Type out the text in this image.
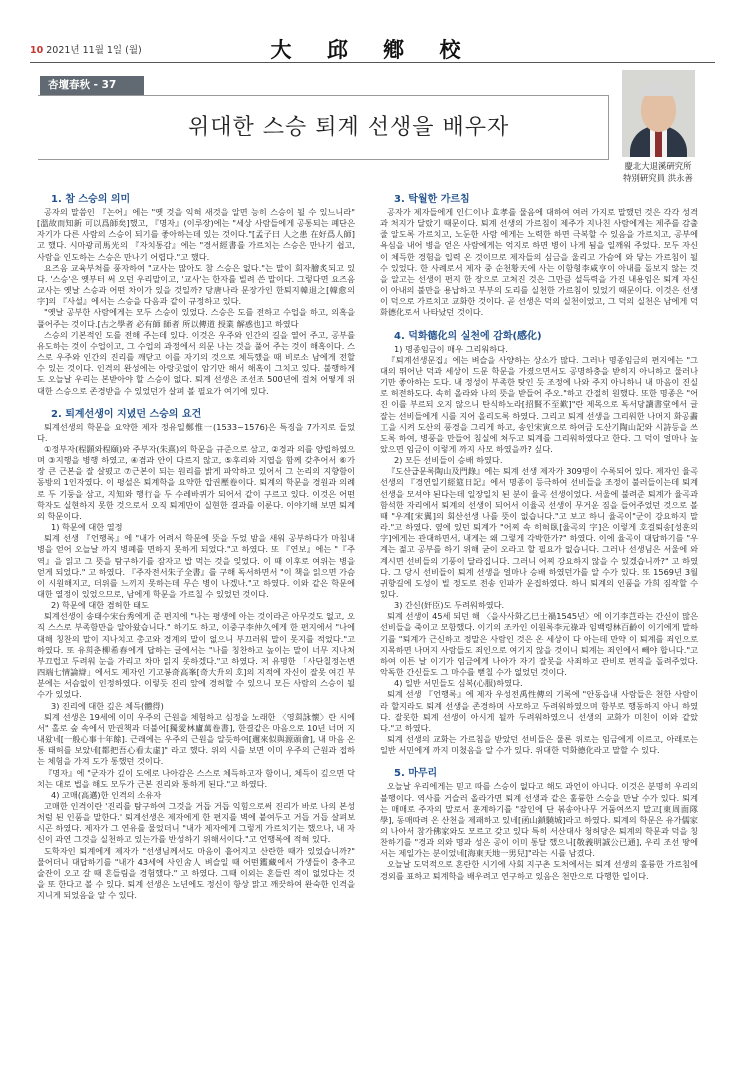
10 2021년 11월 1일 (월)	大 邱 鄕 校
杏壇春秋 - 37
위대한 스승 퇴계 선생을 배우자
慶北大退溪硏究所
特別硏究員 洪永善
1. 참 스승의 의미

공자의 말씀인 『논어』에는 "옛 것을 익혀 새것을 알면 능히 스승이 될 수 있느니라"[溫故而知新 可以爲師矣]했고, 『명자』(이루장)에는 "세상 사람들에게 공통되는 폐단은 자기가 다른 사람의 스승이 되기를 좋아하는데 있는 것이다."[孟子曰 人之患 在好爲人師]고 했다. 시마광司馬光의 『자치통감』에는 "경서經書를 가르치는 스승은 만나기 쉽고, 사람을 인도하는 스승은 만나기 어렵다."고 했다.

요즈음 교육부처를 풍자하여 "교사는 많아도 참 스승은 없다."는 말이 회자膾炙되고 있다. '스승'은 옛부터 써 오던 우리말이고, '교사'는 한자를 빌려 쓴 말이다. 그렇다면 요즈음 교사는 옛날 스승과 어떤 차이가 있을 것일까? 당唐나라 문장가인 한퇴지韓退之[韓愈의 字]의 『사설』에서는 스승을 다음과 같이 규정하고 있다.

"옛날 공부한 사람에게는 모두 스승이 있었다. 스승은 도를 전하고 수업을 하고, 의혹을 풀어주는 것이다.[古之學者 必有師 師者 所以傳道 授業 解惑也]고 하였다

스승의 기본적인 도를 전해 주는데 있다. 이것은 우주와 인간의 길을 열어 주고, 공부를 유도하는 것이 수업이고, 그 수업의 과정에서 의문 나는 것을 풀어 주는 것이 해혹이다. 스스로 우주와 인간의 진리를 깨닫고 이를 자기의 것으로 체득했을 때 비로소 남에게 전할 수 있는 것이다. 인격의 완성에는 아랑곳없이 암기만 해서 해혹이 그치고 있다. 불행하게도 오늘날 우리는 본받아야 할 스승이 없다. 퇴계 선생은 조선조 500년에 걸쳐 어떻게 위대한 스승으로 존경받을 수 있었던가 살펴 볼 필요가 여기에 있다.

2. 퇴계선생이 지녔던 스승의 요건

퇴계선생의 학문을 요약한 제자 정유일鄭惟一(1533~1576)은 특징을 7가지로 들었다.

①정부자(程顥와程頤)와 주부자(朱熹)의 학문을 규준으로 삼고, ②경과 의를 양립하였으며 ③지행을 병행 하였고, ④겸과 안이 다르지 않고, ⑤후리와 지엽을 함께 갖추어서 ⑥가장 큰 근본을 잘 살폈고 ⑦근본이 되는 원리를 밝게 파악하고 있어서 그 논리의 지향함이 동방의 1인자였다. 이 평설은 퇴계학을 요약한 압권壓卷이다. 퇴계의 학문을 경원과 의례로 두 기둥을 삼고, 지知와 행行을 두 수레바퀴가 되어서 같이 구르고 있다. 이것은 어떤 학자도 실현하지 못한 것으로서 오직 퇴계만이 실현한 결과를 이룬다. 이야기해 보면 퇴계의 학문이다.

1) 학문에 대한 열정

퇴계 선생 『언행록』에 "내가 어려서 학문에 뜻을 두었 밤을 새워 공부하다가 마침내 병을 얻어 오늘날 까지 병폐를 면하지 못하게 되었다."고 하였다. 또 『연보』에는 "『주역』을 읽고 그 뜻을 탐구하기를 잠자고 밥 먹는 것을 잊었다. 이 때 이후로 여위는 병을 얻게 되었다." 고 하였다. 『주자전서朱子全書』를 구해 독서하면서 "이 책을 읽으면 가슴이 시원해지고, 더위를 느끼지 못하는데 무슨 병이 나겠나."고 하였다. 이와 같은 학문에 대한 열정이 있었으므로, 남에게 학문을 가르칠 수 있었던 것이다.

2) 학문에 대한 겸허한 태도

퇴계선생이 송태수宋台秀에게 준 편지에 "나는 평생에 아는 것이라곤 아무것도 없고, 오직 스스로 부족함만을 알아왔습니다." 하기도 하고, 이중구李仲久에게 한 편지에서 "나에 대해 칭찬의 말이 지나치고 총고와 경계의 말이 없으니 부끄러워 말이 못지를 적었다."고 하였다. 또 유희춘柳希春에게 답하는 글에서는 "나를 칭찬하고 높이는 말이 너무 지나쳐 부끄럽고 두려워 눈을 가리고 차마 읽지 못하겠다."고 하였다. 저 유명한 「사단칠정논변四端七情論辯」에서도 제자인 기고봉奇高峯[奇大升의 호]의 지적에 자신이 잘못 여긴 부분에는 서슴없이 인정하였다. 이렇듯 진리 앞에 경허할 수 있으니 모든 사람의 스승이 될 수가 있었다.

3) 진리에 대한 깊은 체득(體得)

퇴계 선생은 19세에 이미 우주의 근원을 체험하고 심정을 노래한 〈영회詠懷〉란 시에서" 홀로 숲 속에서 만권책과 더불어[獨愛林廬萬卷書], 한결같은 마음으로 10년 너머 지내왔네[一般心事十年餘]. 근래에는 우주의 근원을 알듯하여[邇來似與源頭會], 내 마음 온통 태허를 보았네[都把吾心看太虛]" 라고 했다. 위의 시를 보면 이미 우주의 근원과 접하는 체험을 가져 도가 통했던 것이다.

『명자』에 "군자가 깊이 도에로 나아감은 스스로 체득하고자 함이니, 체득이 깊으면 닥치는 대로 법을 해도 모두가 근본 진리와 통하게 된다."고 하였다.

4) 고매(高邁)한 인격의 소유자

고매한 인격이란 '진리를 탐구하여 그것을 거듭 거듭 익힘으로써 진리가 바로 나의 본성처럼 된 인품을 말한다.' 퇴계선생은 제자에게 한 편지를 벽에 붙여두고 거듭 거듭 살펴보시곤 하였다. 제자가 그 연유를 물었더니 "내가 제자에게 그렇게 가르치기는 했으나, 내 자신이 과연 그것을 실천하고 있는가를 반성하기 위해서이다."고 언행록에 적혀 있다.

도학자인 퇴계에게 제자가 "선생님께서도 마음이 흩어지고 산란한 때가 있었습니까?" 물어더니 대답하기를 "내가 43세에 사인舍人 벼슬일 때 어떤鑑藏에서 가생들이 충추고 술잔이 오고 갈 때 혼들림을 경험했다." 고 하였다. 그때 이외는 혼들린 적이 없었다는 것을 또 한다고 볼 수 있다. 퇴계 선생은 노년에도 정신이 항상 맑고 깨끗하여 완숙한 인격을 지니게 되었음을 알 수 있다.

3. 탁월한 가르침

공자가 제자들에게 인仁이나 효孝를 물음에 대하여 여러 가지로 말했던 것은 각각 성격과 처지가 달랐기 때문이다. 퇴계 선생의 가르침이 제주가 지나친 사람에게는 제주를 감출 줄 알도록 가르치고, 노둔한 사람 에게는 노력한 하면 극복할 수 있음을 가르치고, 공부에 욕심을 내어 병을 얻은 사람에게는 억지로 하면 병이 나게 됨을 일깨워 주었다. 모두 자신이 체득한 경험을 입력 온 것이므로 제자들의 심금을 울리고 가슴에 와 닿는 가르침이 될 수 있었다. 한 사례로서 제자 중 순천황天에 사는 이함형李咸亨이 아내를 돌보지 않는 것을 알고는 선생이 편지 한 장으로 고쳐진 것은 그만큼 설득력을 가진 내용임은 퇴계 자신이 아내의 불만을 용납하고 부부의 도리를 실천한 가르침이 있었기 때문이다. 이것은 선생이 덕으로 가르치고 교화한 것이다. 곧 선생은 덕의 실천이었고, 그 덕의 실천은 남에게 덕화德化로서 나타났던 것이다.

4. 덕화德化의 실천에 감화(感化)
1) 명종임금이 매우 그리워하다.

『퇴계선생문집』에는 벼슬을 사양하는 상소가 많다. 그러나 명종임금의 편지에는 "그대의 뛰어난 덕과 세상이 드문 학문을 가졌으면서도 공명하충을 받히지 아니하고 물러나기만 좋아하는 도다. 내 정성이 부족한 탓인 듯 조정에 나와 주지 아니하니 내 마음이 진실로 허전하도다. 속히 올라와 나의 뜻을 받들어 주오."하고 간절히 원했다. 또한 명종은 "어진 이를 부르되 오지 않으니 탄식하노라[招賢不至歎]"란 제목으로 독서당讀書堂에서 글 잘는 선비들에게 시를 지어 올리도록 하였다. 그리고 퇴계 선생을 그리워한 나머지 화공畵工을 시켜 도산의 풍경을 그리게 하고, 송인宋寅으로 하여금 도산기陶山記와 시詩등을 쓰도록 하여, 병풍을 만들어 침실에 쳐두고 퇴계를 그리워하였다고 한다. 그 덕이 얼마나 높았으면 임금이 이렇게 까지 사모 하였을까? 싶다.

2) 모든 선비들이 승배 하였다.

『도산급문록陶山及門錄』에는 퇴계 선생 제자가 309명이 수록되어 있다. 제자인 율곡 선생의 『경연일기經筵日記』에서 명종이 등극하여 선비들을 조정이 불러들이는데 퇴계 선생을 모셔야 된다는데 일장일치 된 분이 율곡 선생이었다. 서울에 불려준 퇴계가 율곡과 함석한 자리에서 퇴계의 선생이 되어서 이율곡 선생이 무거운 짐을 들어주었던 것으로 볼 때 "우계[宋翼]의 회산선생 나를 뜻이 없습니다."고 보고 하니 율곡이"군이 강요하지 말라."고 하였다. 옆에 있던 퇴계가 "어찌 속 히혀臥[율곡의 字]은 이렇게 호걸퇴송[성훈의 字]에게는 관대하면서, 내게는 왜 그렇게 각박한가?" 하였다. 이에 율곡이 대답하기를 "우계는 젊고 공부를 하기 위해 굳이 오라고 할 필요가 없습니다. 그러나 선생님은 서울에 와 계시면 선비들의 기풍이 달라집니다. 그러니 어찌 강요하지 않을 수 있겠습니까?" 고 하였다. 그 당시 선비들이 퇴계 선생을 얼마나 승배 하였던가를 알 수가 있다. 또 1569년 3월 귀향길에 도성이 빌 정도로 전송 인파가 운집하였다. 하니 퇴계의 인품을 가희 짐작할 수 있다.

3) 간신(奸臣)도 두려워하였다.

퇴계 선생이 45세 되던 해 〈을사사화乙巳士禍1545년〉에 이기李芑라는 간신이 많은 선비들을 죽이고 모함했다. 이기의 조카인 이원록李元祿과 임백령林百齡이 이기에게 말하기를 "퇴계가 근신하고 정말은 사람인 것은 온 세상이 다 아는데 만약 이 퇴계를 죄인으로 지목하면 나머지 사람들도 죄인으로 여기지 않을 것이니 퇴계는 죄인에서 빼야 합니다."고 하여 이튼 날 이기가 임금에게 나아가 자기 잘못을 사죄하고 관비로 편직을 돌려주었다. 악독한 간신들도 그 마수를 뻗칠 수가 없었던 것이다.

4) 일반 서민들도 심복(心服)하였다.

퇴계 선생 『언행록』에 제자 우성전禹性傳의 기록에 "안동읍내 사람들은 천한 사람이라 할지라도 퇴계 선생을 존경하며 사모하고 두려워하였으며 함부로 행동하지 아니 하였다. 잘못한 퇴계 선생이 아시게 될까 두려워하였으니 선생의 교화가 미친이 이와 같았다."고 하였다.

퇴계 선생의 교화는 가르침을 받았던 선비들은 물론 위로는 임금에게 이르고, 아래로는 일반 서민에게 까지 미쳤음을 알 수가 있다. 위대한 덕화德化라고 말할 수 있다.

5. 마무리

오늘날 우리에게는 믿고 따를 스승이 없다고 해도 과언이 아니다. 이것은 분명히 우리의 불행이다. 역사를 거슬러 올라가면 퇴계 선생과 같은 훌륭한 스승을 만날 수가 있다. 퇴계는 매매로 주자의 말로서 훈계하기를 "잠인에 단 볶송아나무 거둠여쓰지 말고[東周面隊學], 동매따려 온 산천을 제패하고 있네[函山鎖驍城]라고 하였다. 퇴계의 학문은 유가儒家의 나아서 참가佛家와도 모르고 갖고 있다 특히 서산대사 청허당은 퇴계의 학문과 덕을 칭찬하기를 "경과 의와 명과 성은 공이 이미 통달 했으니[敬義明誠公已通], 우리 조선 땅에서는 제일가는 분이었네[海東天地一男兒]"라는 시를 남겼다.

오늘날 도덕적으로 혼란한 시기에 사회 지구촌 도처에서는 퇴계 선생의 훌륭한 가르침에 경외를 표하고 퇴계학을 배우려고 연구하고 있음은 천만으로 다행한 일이다.
